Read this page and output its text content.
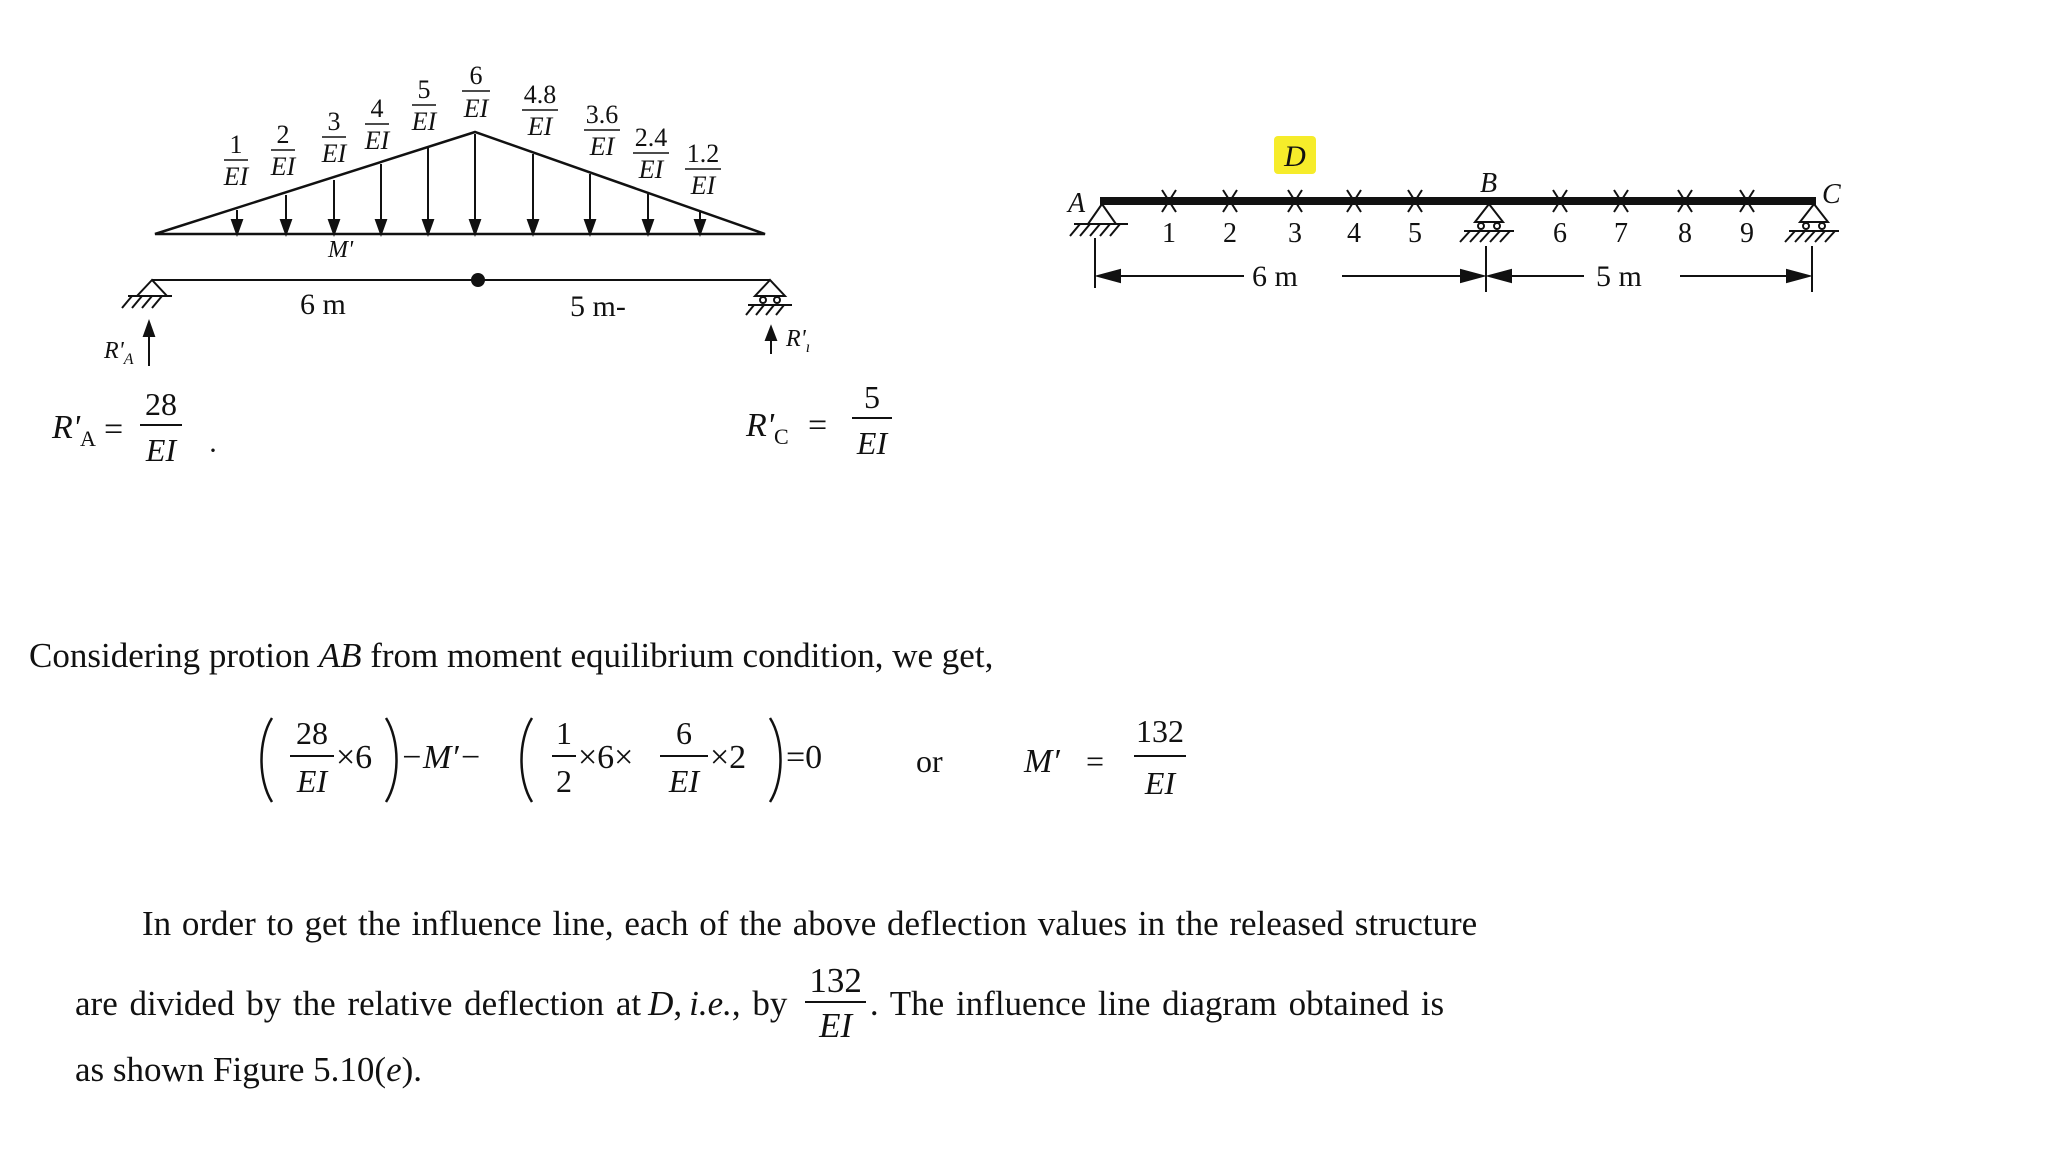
1
EI
2
EI
3
EI
4
EI
5
EI
6
EI 4.8
EI 3.6
EI 2.4
EI
1.2
EI
M'
6 m	5 m-
$R'_A$
$R'_ı$
$R'_A$ =
28
EI ·
$R'_C$ =
5
EI
D
A
B	C
1 2 3 4 5	6 7 8 9
6 m	5 m

Considering protion AB from moment equilibrium condition, we get,

28
EI
×6 −M′−
1
2
×6×
6
EI
×2 =0	or M′ =
132
EI

In order to get the influence line, each of the above deflection values in the released structure

are divided by the relative deflection at
  D ,
  i.e. , by $\frac{132}{EI}$ . The influence line diagram obtained is

as shown Figure 5.10(e).
